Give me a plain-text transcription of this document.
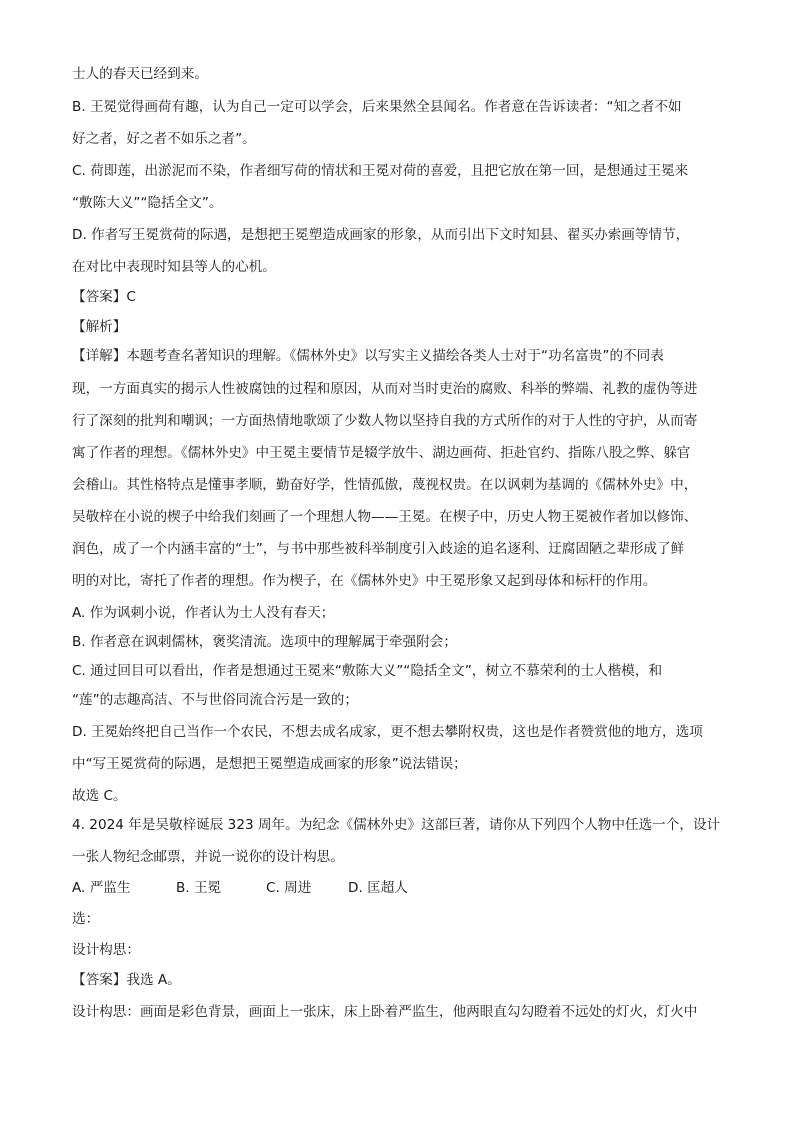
士人的春天已经到来。

B. 王冕觉得画荷有趣，认为自己一定可以学会，后来果然全县闻名。作者意在告诉读者：“知之者不如

好之者，好之者不如乐之者”。

C. 荷即莲，出淤泥而不染，作者细写荷的情状和王冕对荷的喜爱，且把它放在第一回，是想通过王冕来

“敷陈大义”“隐括全文”。

D. 作者写王冕赏荷的际遇，是想把王冕塑造成画家的形象，从而引出下文时知县、翟买办索画等情节，

在对比中表现时知县等人的心机。

【答案】C

【解析】

【详解】本题考查名著知识的理解。《儒林外史》以写实主义描绘各类人士对于“功名富贵”的不同表

现，一方面真实的揭示人性被腐蚀的过程和原因，从而对当时吏治的腐败、科举的弊端、礼教的虚伪等进

行了深刻的批判和嘲讽；一方面热情地歌颂了少数人物以坚持自我的方式所作的对于人性的守护，从而寄

寓了作者的理想。《儒林外史》中王冕主要情节是辍学放牛、湖边画荷、拒赴官约、指陈八股之弊、躲官

会稽山。其性格特点是懂事孝顺，勤奋好学，性情孤傲，蔑视权贵。在以讽刺为基调的《儒林外史》中，

吴敬梓在小说的楔子中给我们刻画了一个理想人物——王冕。在楔子中，历史人物王冕被作者加以修饰、

润色，成了一个内涵丰富的“士”，与书中那些被科举制度引入歧途的追名逐利、迂腐固陋之辈形成了鲜

明的对比，寄托了作者的理想。作为楔子，在《儒林外史》中王冕形象又起到母体和标杆的作用。

A. 作为讽刺小说，作者认为士人没有春天；

B. 作者意在讽刺儒林，褒奖清流。选项中的理解属于牵强附会；

C. 通过回目可以看出，作者是想通过王冕来“敷陈大义”“隐括全文”，树立不慕荣利的士人楷模，和

“莲”的志趣高洁、不与世俗同流合污是一致的；

D. 王冕始终把自己当作一个农民，不想去成名成家，更不想去攀附权贵，这也是作者赞赏他的地方，选项

中“写王冕赏荷的际遇，是想把王冕塑造成画家的形象”说法错误；

故选 C。

4. 2024 年是吴敬梓诞辰 323 周年。为纪念《儒林外史》这部巨著，请你从下列四个人物中任选一个，设计

一张人物纪念邮票，并说一说你的设计构思。

A. 严监生	B. 王冕	C. 周进	D. 匡超人

选：

设计构思：

【答案】我选 A。

设计构思：画面是彩色背景，画面上一张床，床上卧着严监生，他两眼直勾勾瞪着不远处的灯火，灯火中
